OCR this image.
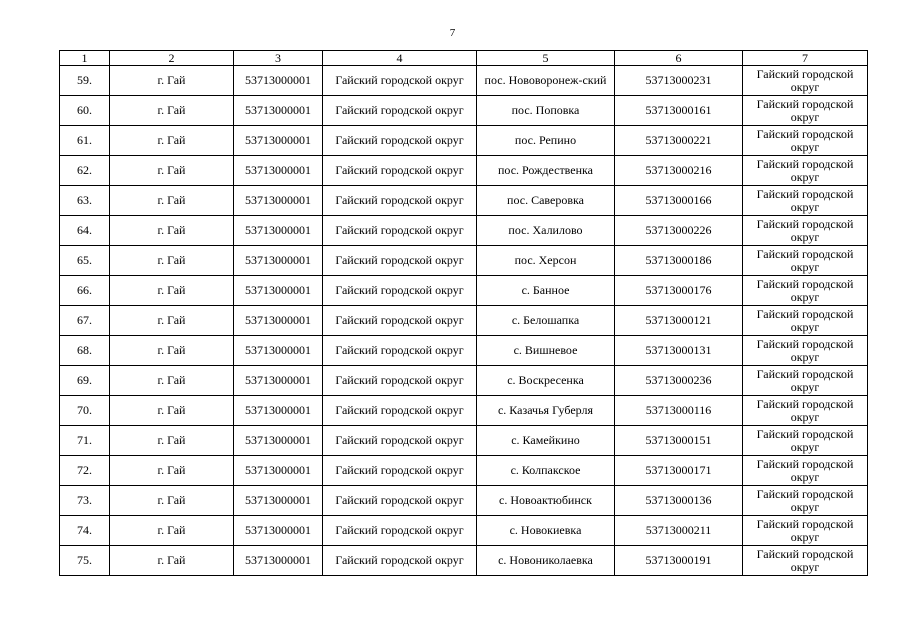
7
1	2	3	4	5	6	7
59.	г. Гай	53713000001	Гайский городской округ	пос. Нововоронеж-ский	53713000231	Гайский городской округ
60.	г. Гай	53713000001	Гайский городской округ	пос. Поповка	53713000161	Гайский городской округ
61.	г. Гай	53713000001	Гайский городской округ	пос. Репино	53713000221	Гайский городской округ
62.	г. Гай	53713000001	Гайский городской округ	пос. Рождественка	53713000216	Гайский городской округ
63.	г. Гай	53713000001	Гайский городской округ	пос. Саверовка	53713000166	Гайский городской округ
64.	г. Гай	53713000001	Гайский городской округ	пос. Халилово	53713000226	Гайский городской округ
65.	г. Гай	53713000001	Гайский городской округ	пос. Херсон	53713000186	Гайский городской округ
66.	г. Гай	53713000001	Гайский городской округ	с. Банное	53713000176	Гайский городской округ
67.	г. Гай	53713000001	Гайский городской округ	с. Белошапка	53713000121	Гайский городской округ
68.	г. Гай	53713000001	Гайский городской округ	с. Вишневое	53713000131	Гайский городской округ
69.	г. Гай	53713000001	Гайский городской округ	с. Воскресенка	53713000236	Гайский городской округ
70.	г. Гай	53713000001	Гайский городской округ	с. Казачья Губерля	53713000116	Гайский городской округ
71.	г. Гай	53713000001	Гайский городской округ	с. Камейкино	53713000151	Гайский городской округ
72.	г. Гай	53713000001	Гайский городской округ	с. Колпакское	53713000171	Гайский городской округ
73.	г. Гай	53713000001	Гайский городской округ	с. Новоактюбинск	53713000136	Гайский городской округ
74.	г. Гай	53713000001	Гайский городской округ	с. Новокиевка	53713000211	Гайский городской округ
75.	г. Гай	53713000001	Гайский городской округ	с. Новониколаевка	53713000191	Гайский городской округ
